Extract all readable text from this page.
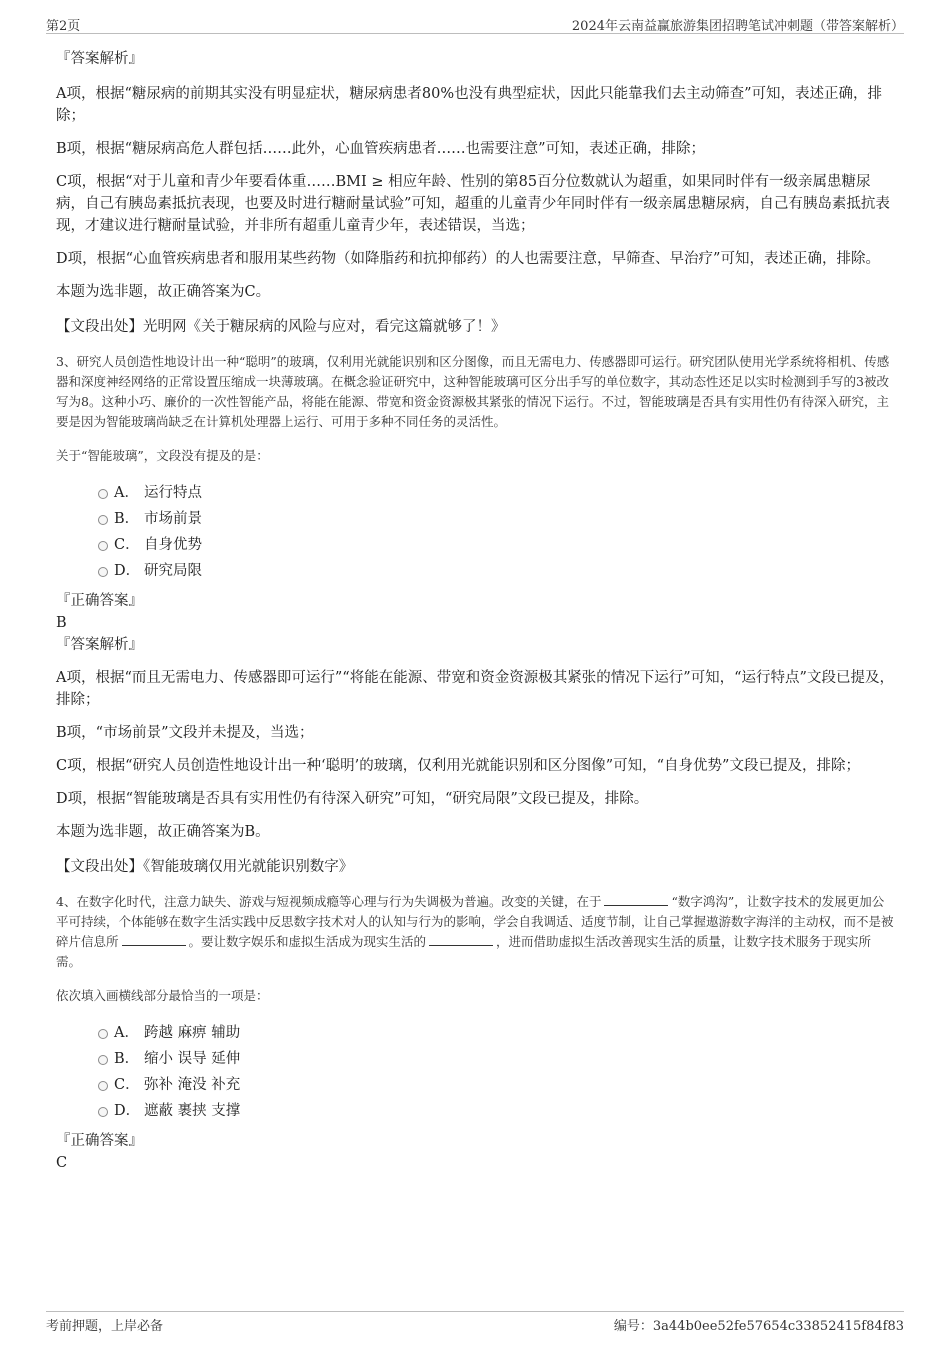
第2页	2024年云南益赢旅游集团招聘笔试冲刺题（带答案解析）

『答案解析』

A项，根据“糖尿病的前期其实没有明显症状，糖尿病患者80%也没有典型症状，因此只能靠我们去主动筛查”可知，表述正确，排除；

B项，根据“糖尿病高危人群包括……此外，心血管疾病患者……也需要注意”可知，表述正确，排除；

C项，根据“对于儿童和青少年要看体重……BMI ≥ 相应年龄、性别的第85百分位数就认为超重，如果同时伴有一级亲属患糖尿病，自己有胰岛素抵抗表现，也要及时进行糖耐量试验”可知，超重的儿童青少年同时伴有一级亲属患糖尿病，自己有胰岛素抵抗表现，才建议进行糖耐量试验，并非所有超重儿童青少年，表述错误，当选；

D项，根据“心血管疾病患者和服用某些药物（如降脂药和抗抑郁药）的人也需要注意，早筛查、早治疗”可知，表述正确，排除。

本题为选非题，故正确答案为C。

【文段出处】光明网《关于糖尿病的风险与应对，看完这篇就够了！》

3、研究人员创造性地设计出一种“聪明”的玻璃，仅利用光就能识别和区分图像，而且无需电力、传感器即可运行。研究团队使用光学系统将相机、传感器和深度神经网络的正常设置压缩成一块薄玻璃。在概念验证研究中，这种智能玻璃可区分出手写的单位数字，其动态性还足以实时检测到手写的3被改写为8。这种小巧、廉价的一次性智能产品，将能在能源、带宽和资金资源极其紧张的情况下运行。不过，智能玻璃是否具有实用性仍有待深入研究，主要是因为智能玻璃尚缺乏在计算机处理器上运行、可用于多种不同任务的灵活性。

关于“智能玻璃”，文段没有提及的是：

A． 运行特点
B． 市场前景
C． 自身优势
D． 研究局限

『正确答案』

B

『答案解析』

A项，根据“而且无需电力、传感器即可运行”“将能在能源、带宽和资金资源极其紧张的情况下运行”可知，“运行特点”文段已提及，排除；

B项，“市场前景”文段并未提及，当选；

C项，根据“研究人员创造性地设计出一种‘聪明’的玻璃，仅利用光就能识别和区分图像”可知，“自身优势”文段已提及，排除；

D项，根据“智能玻璃是否具有实用性仍有待深入研究”可知，“研究局限”文段已提及，排除。

本题为选非题，故正确答案为B。

【文段出处】《智能玻璃仅用光就能识别数字》

4、在数字化时代，注意力缺失、游戏与短视频成瘾等心理与行为失调极为普遍。改变的关键，在于	“数字鸿沟”，让数字技术的发展更加公平可持续，个体能够在数字生活实践中反思数字技术对人的认知与行为的影响，学会自我调适、适度节制，让自己掌握遨游数字海洋的主动权，而不是被碎片信息所	。要让数字娱乐和虚拟生活成为现实生活的	，进而借助虚拟生活改善现实生活的质量，让数字技术服务于现实所需。

依次填入画横线部分最恰当的一项是：

A． 跨越 麻痹 辅助
B． 缩小 误导 延伸
C． 弥补 淹没 补充
D． 遮蔽 裹挟 支撑

『正确答案』

C

考前押题，上岸必备	编号：3a44b0ee52fe57654c33852415f84f83
